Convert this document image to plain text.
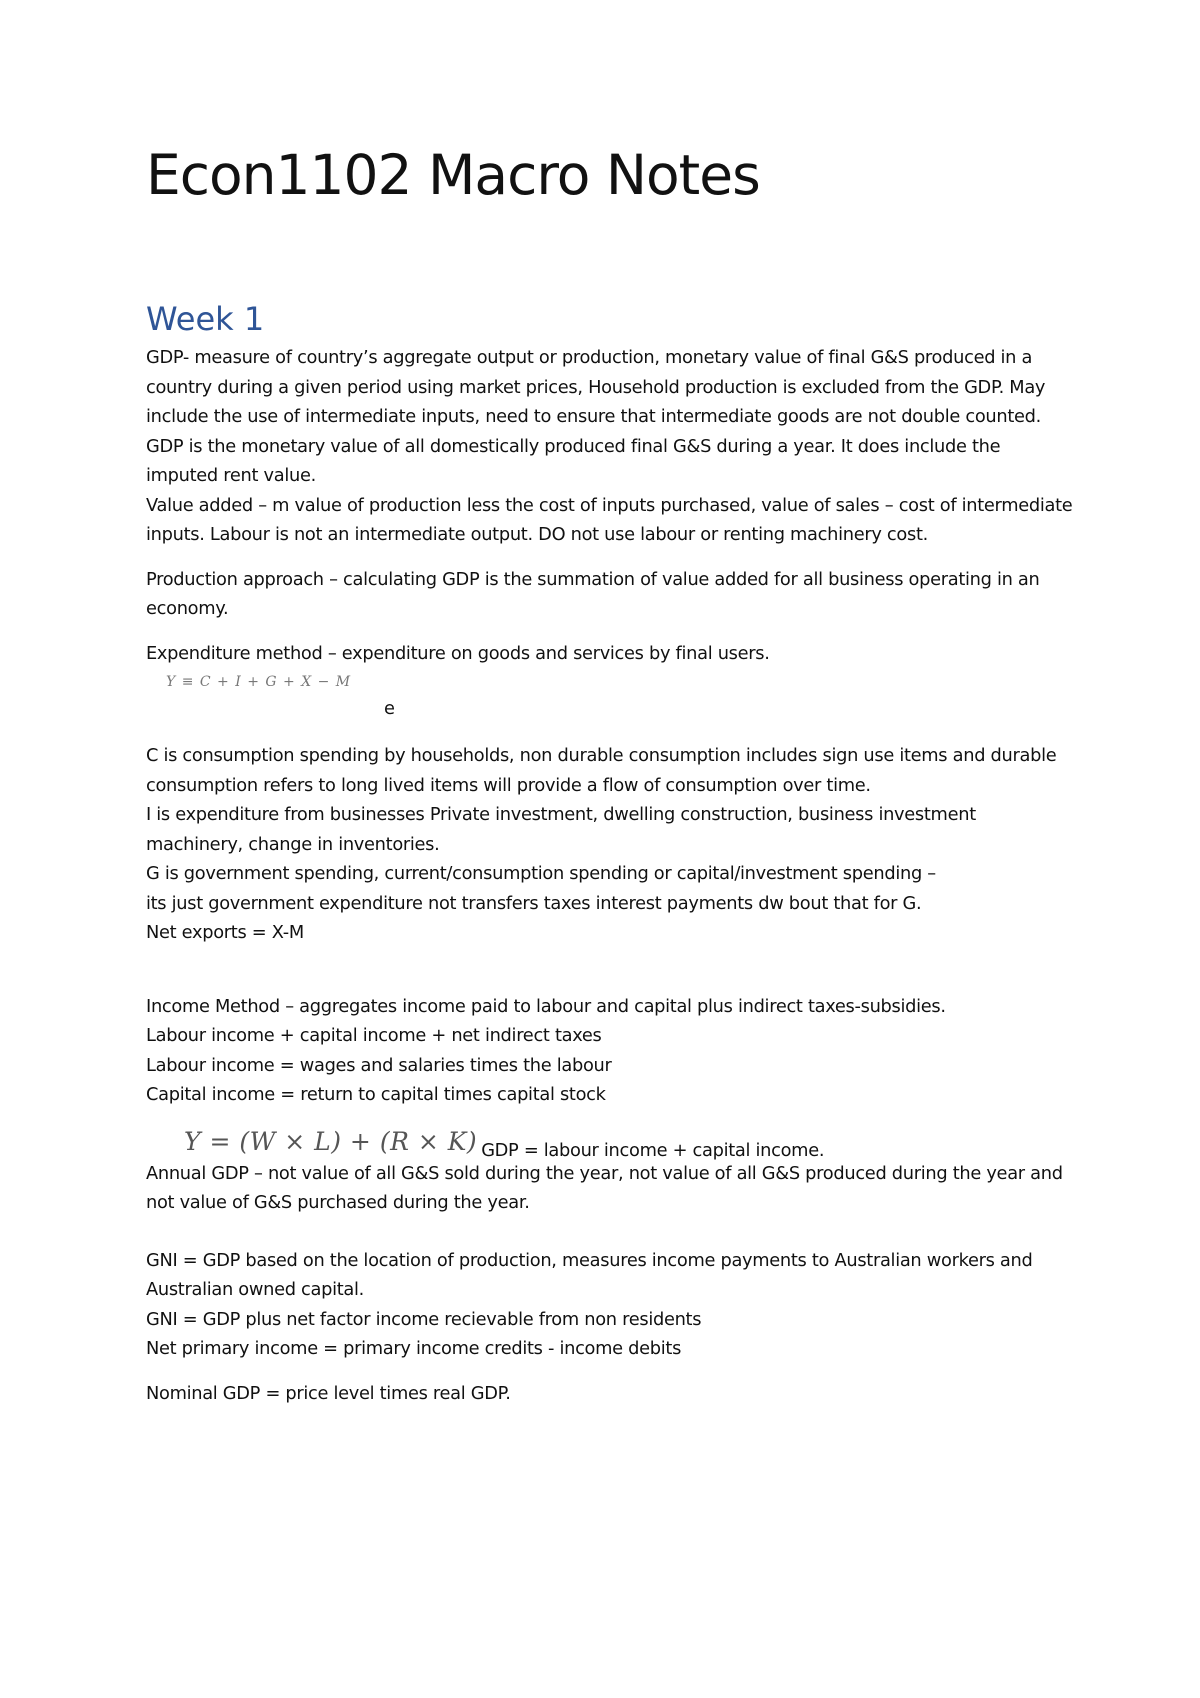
Econ1102 Macro Notes
Week 1

GDP- measure of country’s aggregate output or production, monetary value of final G&S produced in a country during a given period using market prices, Household production is excluded from the GDP. May include the use of intermediate inputs, need to ensure that intermediate goods are not double counted.

GDP is the monetary value of all domestically produced final G&S during a year. It does include the imputed rent value.

Value added – m value of production less the cost of inputs purchased, value of sales – cost of intermediate inputs. Labour is not an intermediate output. DO not use labour or renting machinery cost.

Production approach – calculating GDP is the summation of value added for all business operating in an economy.

Expenditure method – expenditure on goods and services by final users.

Y ≡ C + I + G + X − M
e

C is consumption spending by households, non durable consumption includes sign use items and durable consumption refers to long lived items will provide a flow of consumption over time.

I is expenditure from businesses Private investment, dwelling construction, business investment machinery, change in inventories.

G is government spending, current/consumption spending or capital/investment spending –

its just government expenditure not transfers taxes interest payments dw bout that for G.

Net exports = X-M

Income Method – aggregates income paid to labour and capital plus indirect taxes-subsidies.

Labour income + capital income + net indirect taxes

Labour income = wages and salaries times the labour

Capital income = return to capital times capital stock

Y = (W × L) + (R × K) GDP = labour income + capital income.

Annual GDP – not value of all G&S sold during the year, not value of all G&S produced during the year and not value of G&S purchased during the year.

GNI = GDP based on the location of production, measures income payments to Australian workers and Australian owned capital.

GNI = GDP plus net factor income recievable from non residents

Net primary income = primary income credits - income debits

Nominal GDP = price level times real GDP.
